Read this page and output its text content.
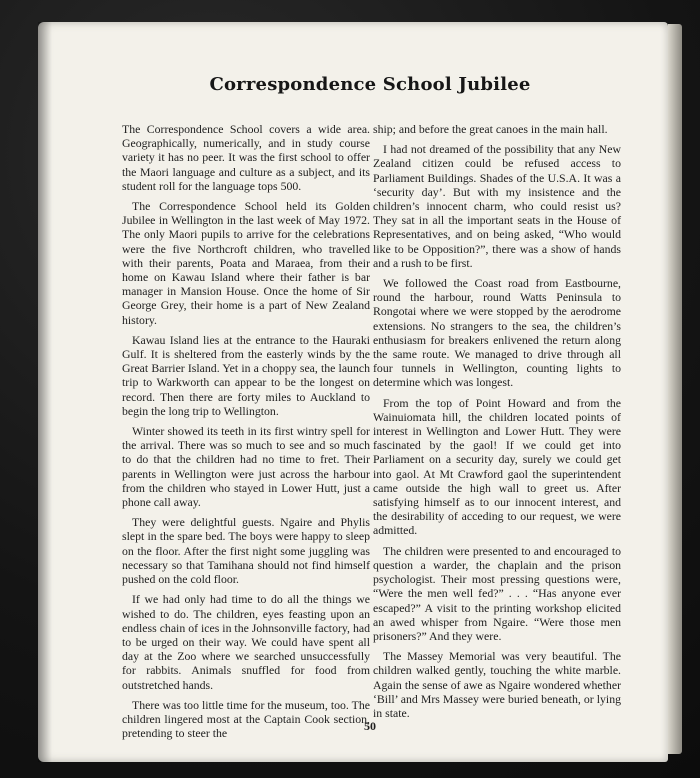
Correspondence School Jubilee

The Correspondence School covers a wide area. Geographically, numerically, and in study course variety it has no peer. It was the first school to offer the Maori language and culture as a subject, and its student roll for the language tops 500.

The Correspondence School held its Golden Jubilee in Wellington in the last week of May 1972. The only Maori pupils to arrive for the celebrations were the five Northcroft children, who travelled with their parents, Poata and Maraea, from their home on Kawau Island where their father is bar manager in Mansion House. Once the home of Sir George Grey, their home is a part of New Zealand history.

Kawau Island lies at the entrance to the Hauraki Gulf. It is sheltered from the easterly winds by the Great Barrier Island. Yet in a choppy sea, the launch trip to Warkworth can appear to be the longest on record. Then there are forty miles to Auckland to begin the long trip to Wellington.

Winter showed its teeth in its first wintry spell for the arrival. There was so much to see and so much to do that the children had no time to fret. Their parents in Wellington were just across the harbour from the children who stayed in Lower Hutt, just a phone call away.

They were delightful guests. Ngaire and Phylis slept in the spare bed. The boys were happy to sleep on the floor. After the first night some juggling was necessary so that Tamihana should not find himself pushed on the cold floor.

If we had only had time to do all the things we wished to do. The children, eyes feasting upon an endless chain of ices in the Johnsonville factory, had to be urged on their way. We could have spent all day at the Zoo where we searched unsuccessfully for rabbits. Animals snuffled for food from outstretched hands.

There was too little time for the museum, too. The children lingered most at the Captain Cook section, pretending to steer the

ship; and before the great canoes in the main hall.

I had not dreamed of the possibility that any New Zealand citizen could be refused access to Parliament Buildings. Shades of the U.S.A. It was a ‘security day’. But with my insistence and the children’s innocent charm, who could resist us? They sat in all the important seats in the House of Representatives, and on being asked, “Who would like to be Opposition?”, there was a show of hands and a rush to be first.

We followed the Coast road from Eastbourne, round the harbour, round Watts Peninsula to Rongotai where we were stopped by the aerodrome extensions. No strangers to the sea, the children’s enthusiasm for breakers enlivened the return along the same route. We managed to drive through all four tunnels in Wellington, counting lights to determine which was longest.

From the top of Point Howard and from the Wainuiomata hill, the children located points of interest in Wellington and Lower Hutt. They were fascinated by the gaol! If we could get into Parliament on a security day, surely we could get into gaol. At Mt Crawford gaol the superintendent came outside the high wall to greet us. After satisfying himself as to our innocent interest, and the desirability of acceding to our request, we were admitted.

The children were presented to and encouraged to question a warder, the chaplain and the prison psychologist. Their most pressing questions were, “Were the men well fed?” . . . “Has anyone ever escaped?” A visit to the printing workshop elicited an awed whisper from Ngaire. “Were those men prisoners?” And they were.

The Massey Memorial was very beautiful. The children walked gently, touching the white marble. Again the sense of awe as Ngaire wondered whether ‘Bill’ and Mrs Massey were buried beneath, or lying in state.

50
